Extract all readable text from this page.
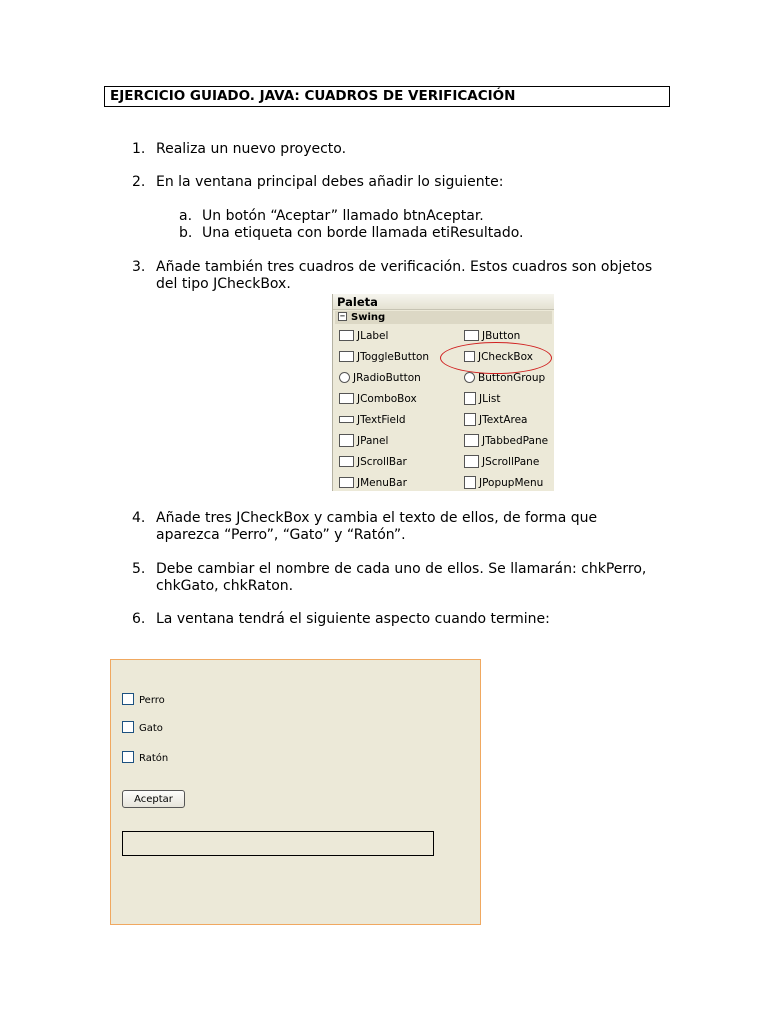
EJERCICIO GUIADO. JAVA: CUADROS DE VERIFICACIÓN
1. Realiza un nuevo proyecto.
2. En la ventana principal debes añadir lo siguiente:
a. Un botón “Aceptar” llamado btnAceptar.
b. Una etiqueta con borde llamada etiResultado.
3. Añade también tres cuadros de verificación. Estos cuadros son objetos del tipo JCheckBox.
Paleta
− Swing
JLabel
JToggleButton
JRadioButton
JComboBox
JTextField
JPanel
JScrollBar
JMenuBar
JButton
JCheckBox
ButtonGroup
JList
JTextArea
JTabbedPane
JScrollPane
JPopupMenu
4. Añade tres JCheckBox y cambia el texto de ellos, de forma que aparezca “Perro”, “Gato” y “Ratón”.
5. Debe cambiar el nombre de cada uno de ellos. Se llamarán: chkPerro, chkGato, chkRaton.
6. La ventana tendrá el siguiente aspecto cuando termine:
Perro
Gato
Ratón
Aceptar
